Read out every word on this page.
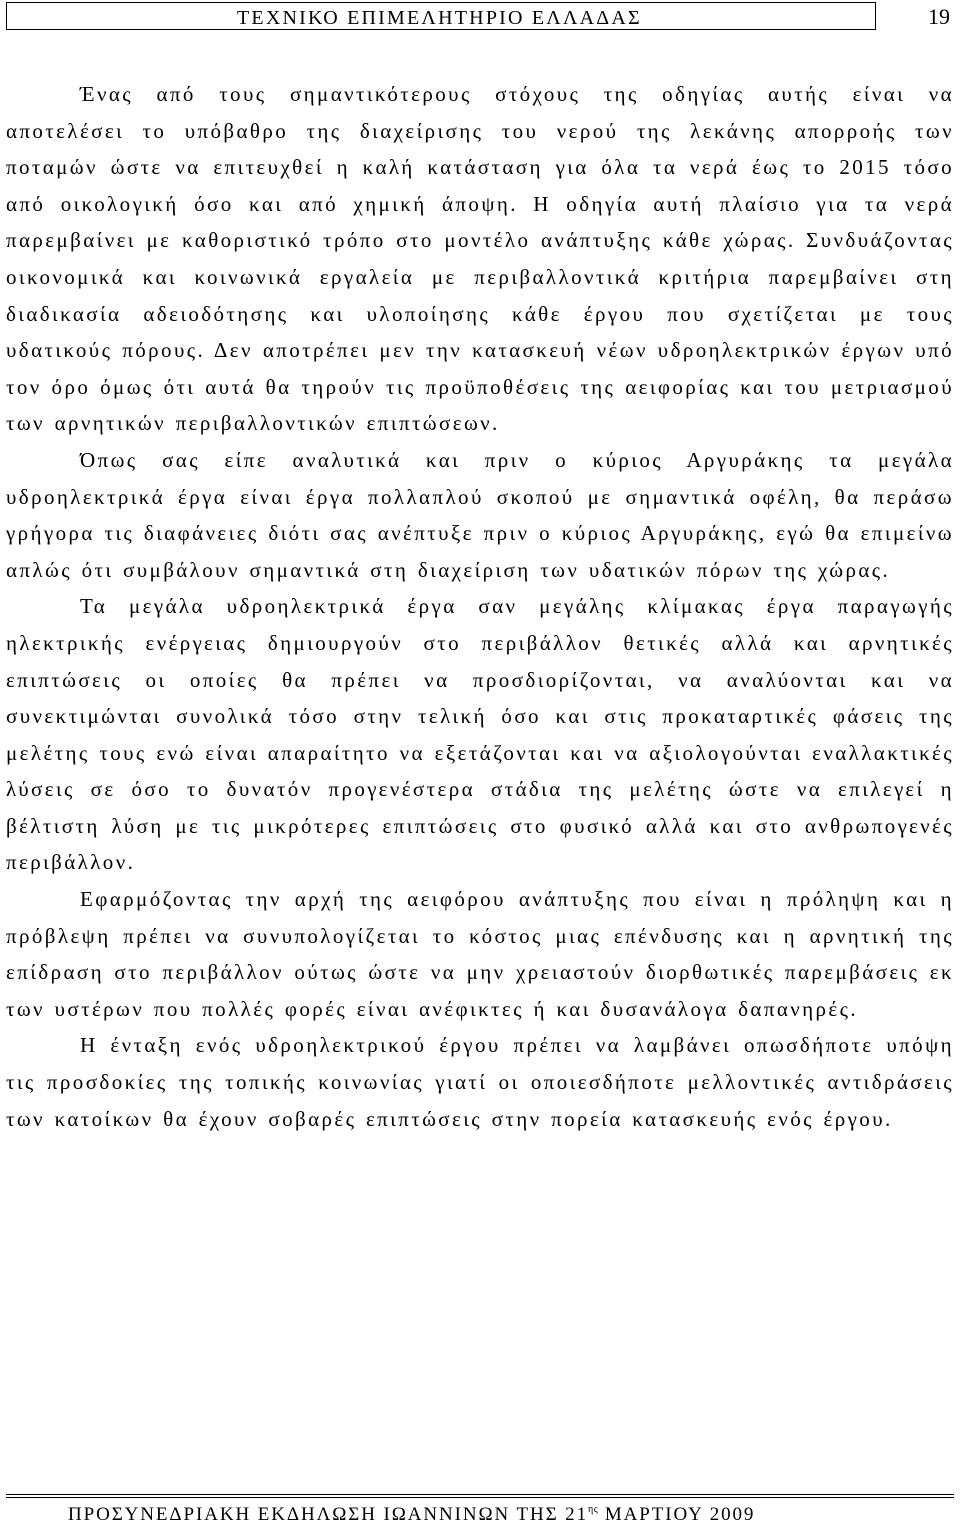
ΤΕΧΝΙΚΟ ΕΠΙΜΕΛΗΤΗΡΙΟ ΕΛΛΑΔΑΣ	19

Ένας από τους σημαντικότερους στόχους της οδηγίας αυτής είναι να αποτελέσει το υπόβαθρο της διαχείρισης του νερού της λεκάνης απορροής των ποταμών ώστε να επιτευχθεί η καλή κατάσταση για όλα τα νερά έως το 2015 τόσο από οικολογική όσο και από χημική άποψη. Η οδηγία αυτή πλαίσιο για τα νερά παρεμβαίνει με καθοριστικό τρόπο στο μοντέλο ανάπτυξης κάθε χώρας. Συνδυάζοντας οικονομικά και κοινωνικά εργαλεία με περιβαλλοντικά κριτήρια παρεμβαίνει στη διαδικασία αδειοδότησης και υλοποίησης κάθε έργου που σχετίζεται με τους υδατικούς πόρους. Δεν αποτρέπει μεν την κατασκευή νέων υδροηλεκτρικών έργων υπό τον όρο όμως ότι αυτά θα τηρούν τις προϋποθέσεις της αειφορίας και του μετριασμού των αρνητικών περιβαλλοντικών επιπτώσεων.

Όπως σας είπε αναλυτικά και πριν ο κύριος Αργυράκης τα μεγάλα υδροηλεκτρικά έργα είναι έργα πολλαπλού σκοπού με σημαντικά οφέλη, θα περάσω γρήγορα τις διαφάνειες διότι σας ανέπτυξε πριν ο κύριος Αργυράκης, εγώ θα επιμείνω απλώς ότι συμβάλουν σημαντικά στη διαχείριση των υδατικών πόρων της χώρας.

Τα μεγάλα υδροηλεκτρικά έργα σαν μεγάλης κλίμακας έργα παραγωγής ηλεκτρικής ενέργειας δημιουργούν στο περιβάλλον θετικές αλλά και αρνητικές επιπτώσεις οι οποίες θα πρέπει να προσδιορίζονται, να αναλύονται και να συνεκτιμώνται συνολικά τόσο στην τελική όσο και στις προκαταρτικές φάσεις της μελέτης τους ενώ είναι απαραίτητο να εξετάζονται και να αξιολογούνται εναλλακτικές λύσεις σε όσο το δυνατόν προγενέστερα στάδια της μελέτης ώστε να επιλεγεί η βέλτιστη λύση με τις μικρότερες επιπτώσεις στο φυσικό αλλά και στο ανθρωπογενές περιβάλλον.

Εφαρμόζοντας την αρχή της αειφόρου ανάπτυξης που είναι η πρόληψη και η πρόβλεψη πρέπει να συνυπολογίζεται το κόστος μιας επένδυσης και η αρνητική της επίδραση στο περιβάλλον ούτως ώστε να μην χρειαστούν διορθωτικές παρεμβάσεις εκ των υστέρων που πολλές φορές είναι ανέφικτες ή και δυσανάλογα δαπανηρές.

Η ένταξη ενός υδροηλεκτρικού έργου πρέπει να λαμβάνει οπωσδήποτε υπόψη τις προσδοκίες της τοπικής κοινωνίας γιατί οι οποιεσδήποτε μελλοντικές αντιδράσεις των κατοίκων θα έχουν σοβαρές επιπτώσεις στην πορεία κατασκευής ενός έργου.

ΠΡΟΣΥΝΕΔΡΙΑΚΗ ΕΚΔΗΛΩΣΗ ΙΩΑΝΝΙΝΩΝ ΤΗΣ $21^{\eta\varsigma}$ ΜΑΡΤΙΟΥ 2009
